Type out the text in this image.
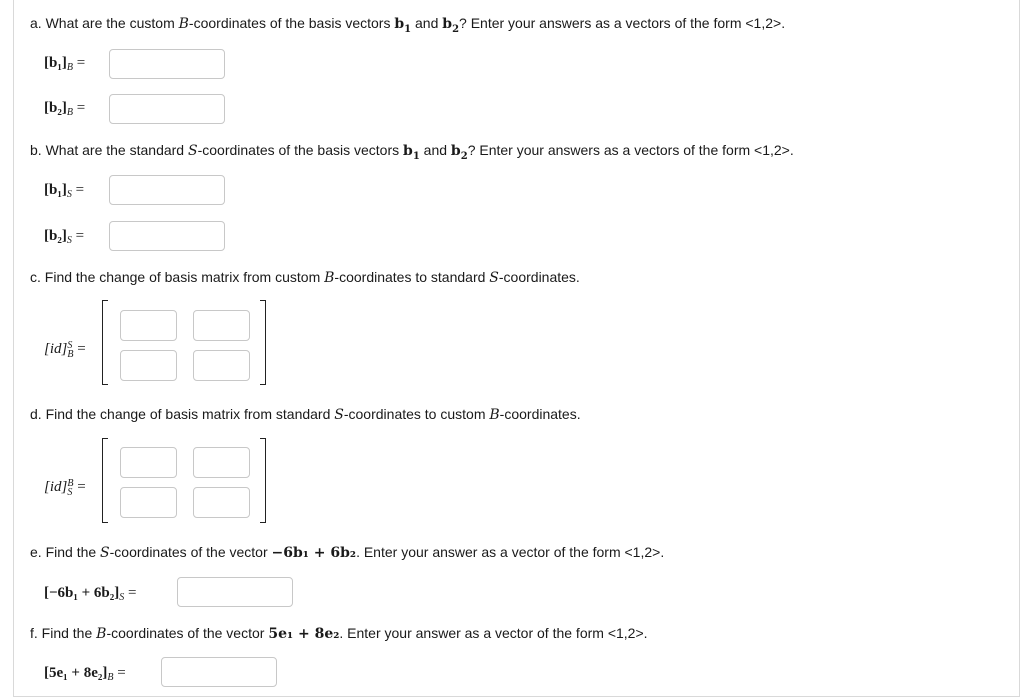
a. What are the custom B-coordinates of the basis vectors $b_1$ and $b_2$? Enter your answers as a vectors of the form <1,2>.
$[b_1]_B$ =
$[b_2]_B$ =
b. What are the standard S-coordinates of the basis vectors $b_1$ and $b_2$? Enter your answers as a vectors of the form <1,2>.
$[b_1]_S$ =
$[b_2]_S$ =
c. Find the change of basis matrix from custom B-coordinates to standard S-coordinates.
[id]S
B =
d. Find the change of basis matrix from standard S-coordinates to custom B-coordinates.
[id]B
S =
e. Find the S-coordinates of the vector −6b₁ + 6b₂. Enter your answer as a vector of the form <1,2>.
$[-6b_1 + 6b_2]_S$ =
f. Find the B-coordinates of the vector 5e₁ + 8e₂. Enter your answer as a vector of the form <1,2>.
$[5e_1 + 8e_2]_B$ =
